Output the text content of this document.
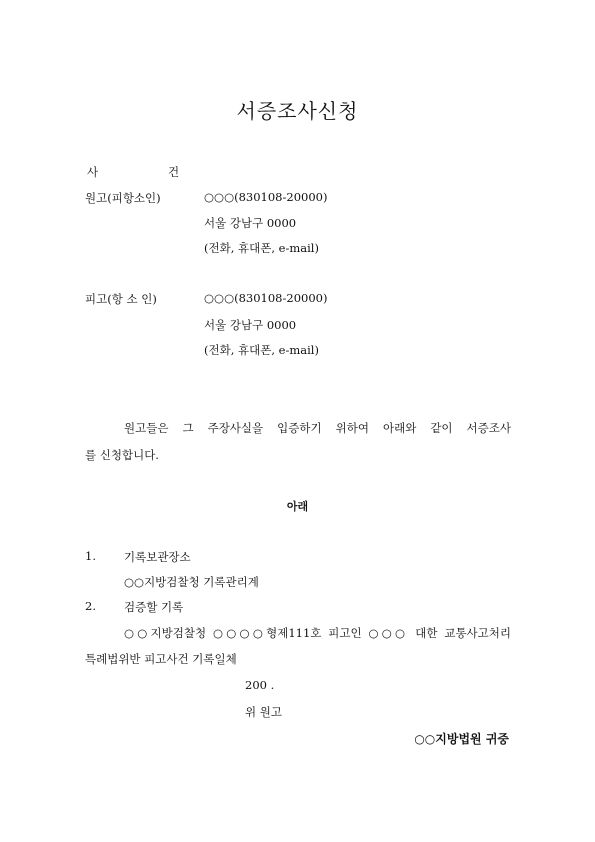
서증조사신청
사	건
원고(피항소인)	○○○(830108-20000)
서울 강남구 0000
(전화, 휴대폰, e-mail)
피고(항 소 인)	○○○(830108-20000)
서울 강남구 0000
(전화, 휴대폰, e-mail)
원고들은 그 주장사실을 입증하기 위하여 아래와 같이 서증조사
를 신청합니다.
아래
1. 기록보관장소
○○지방검찰청 기록관리계
2. 검증할 기록
○○지방검찰청 ○○○○형제111호 피고인 ○○○ 대한 교통사고처리
특례법위반 피고사건 기록일체
200 .
위 원고
○○지방법원 귀중
